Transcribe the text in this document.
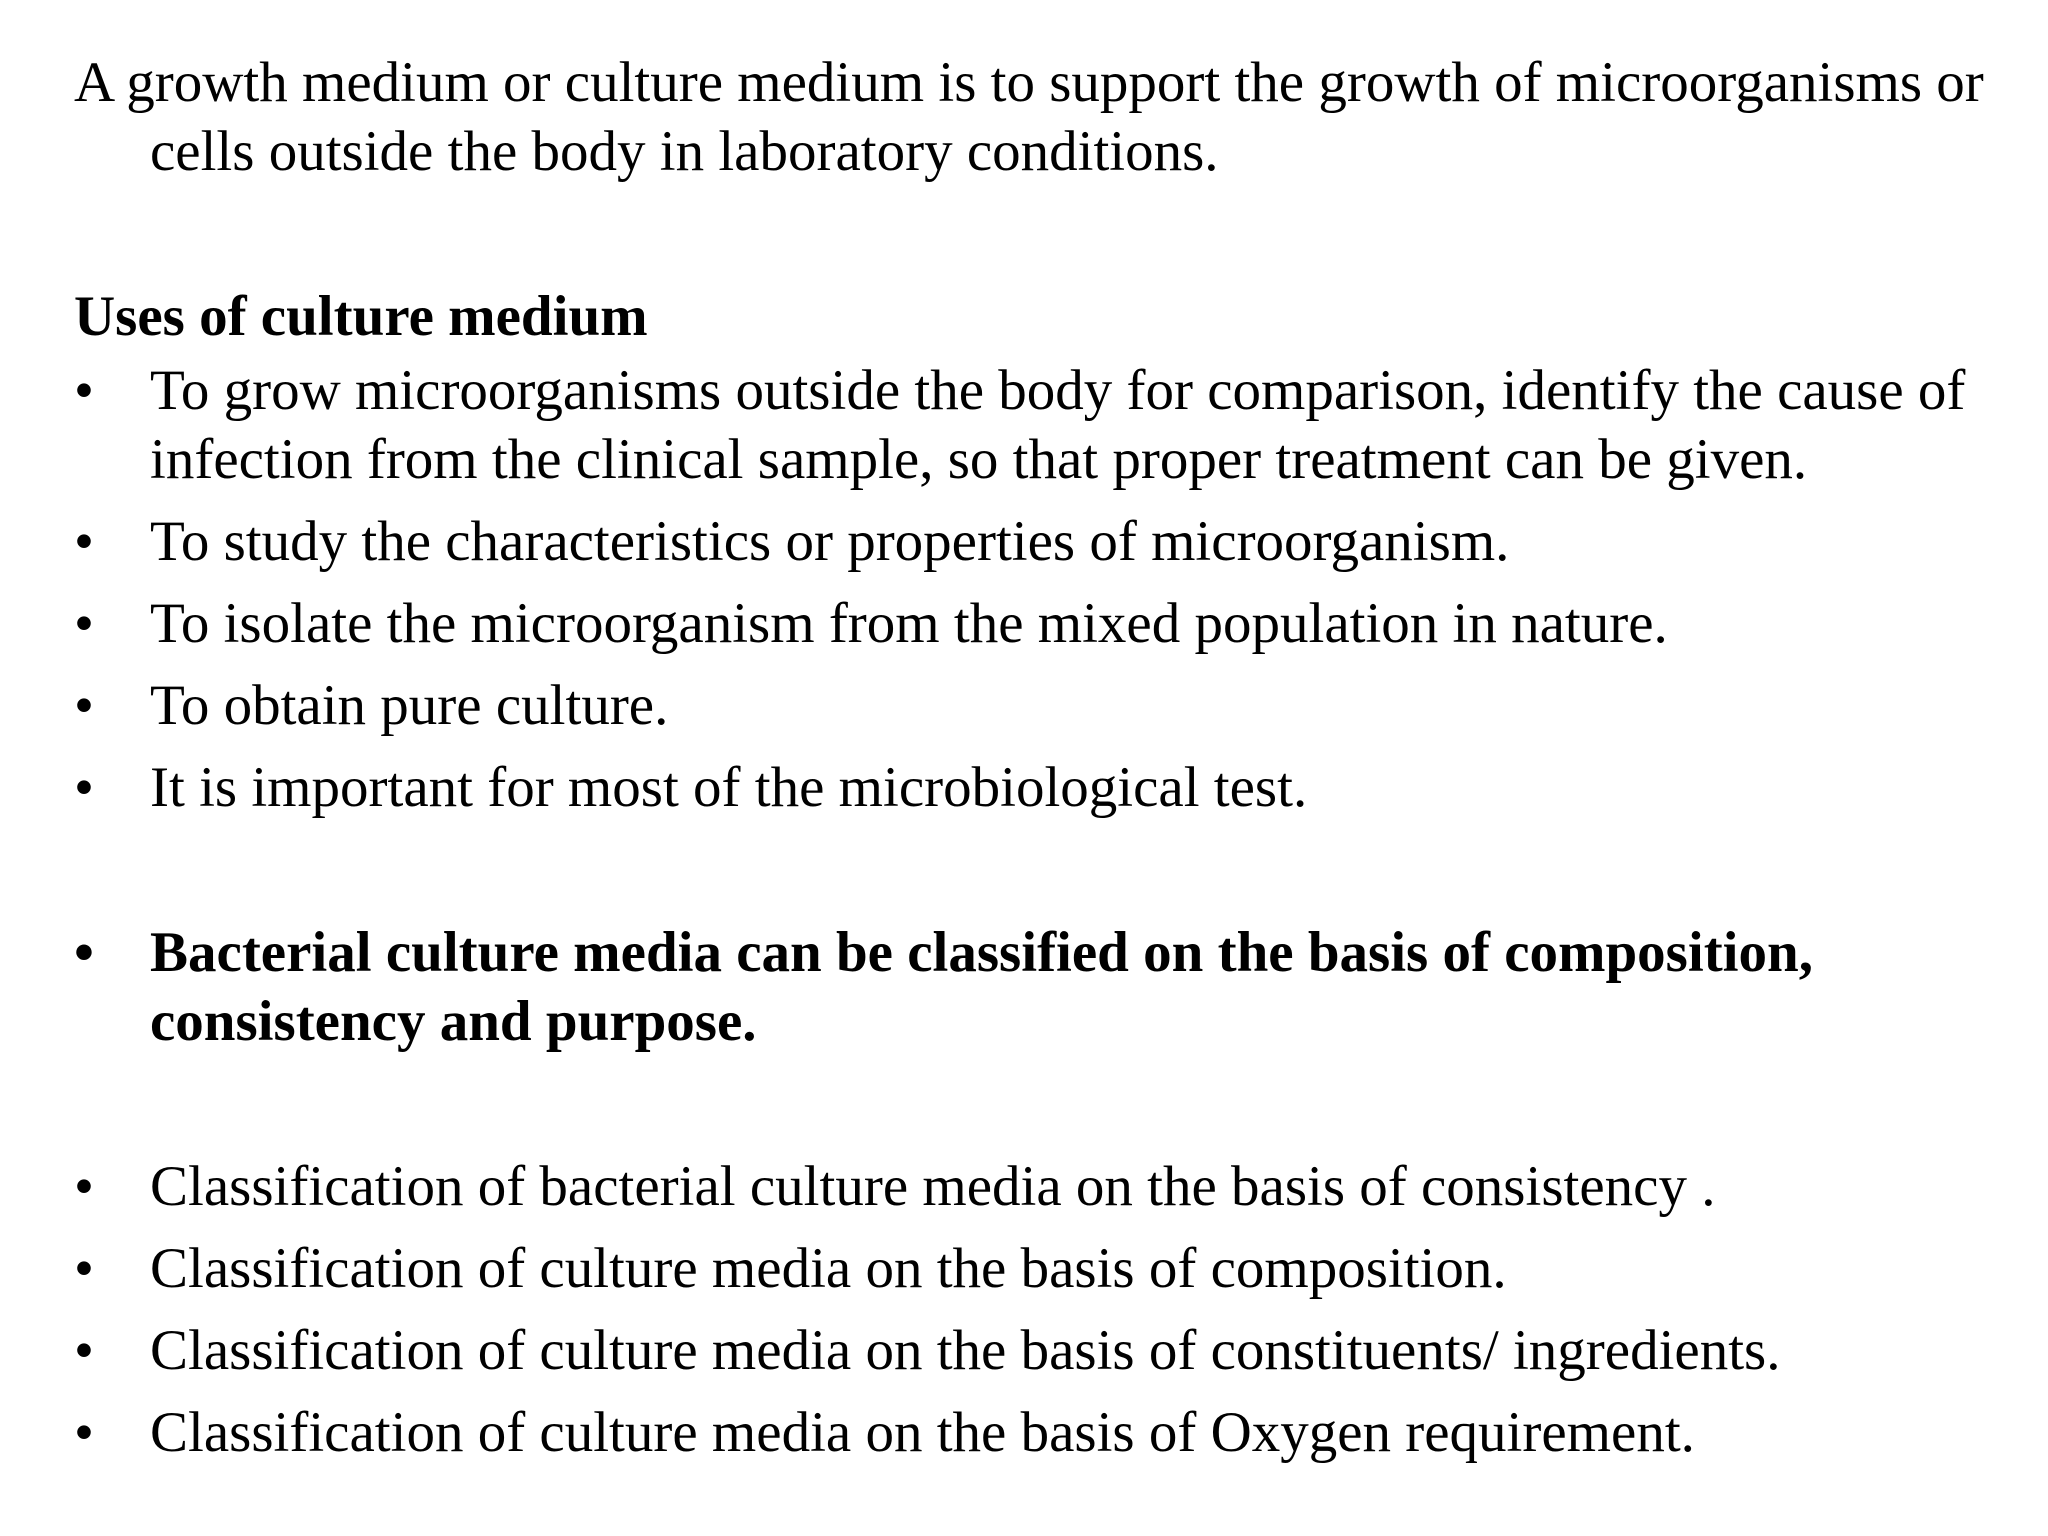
A growth medium or culture medium is to support the growth of microorganisms or cells outside the body in laboratory conditions.

Uses of culture medium

• To grow microorganisms outside the body for comparison, identify the cause of infection from the clinical sample, so that proper treatment can be given.
• To study the characteristics or properties of microorganism.
• To isolate the microorganism from the mixed population in nature.
• To obtain pure culture.
• It is important for most of the microbiological test.
• Bacterial culture media can be classified on the basis of composition, consistency and purpose.
• Classification of bacterial culture media on the basis of consistency .
• Classification of culture media on the basis of composition.
• Classification of culture media on the basis of constituents/ ingredients.
• Classification of culture media on the basis of Oxygen requirement.
